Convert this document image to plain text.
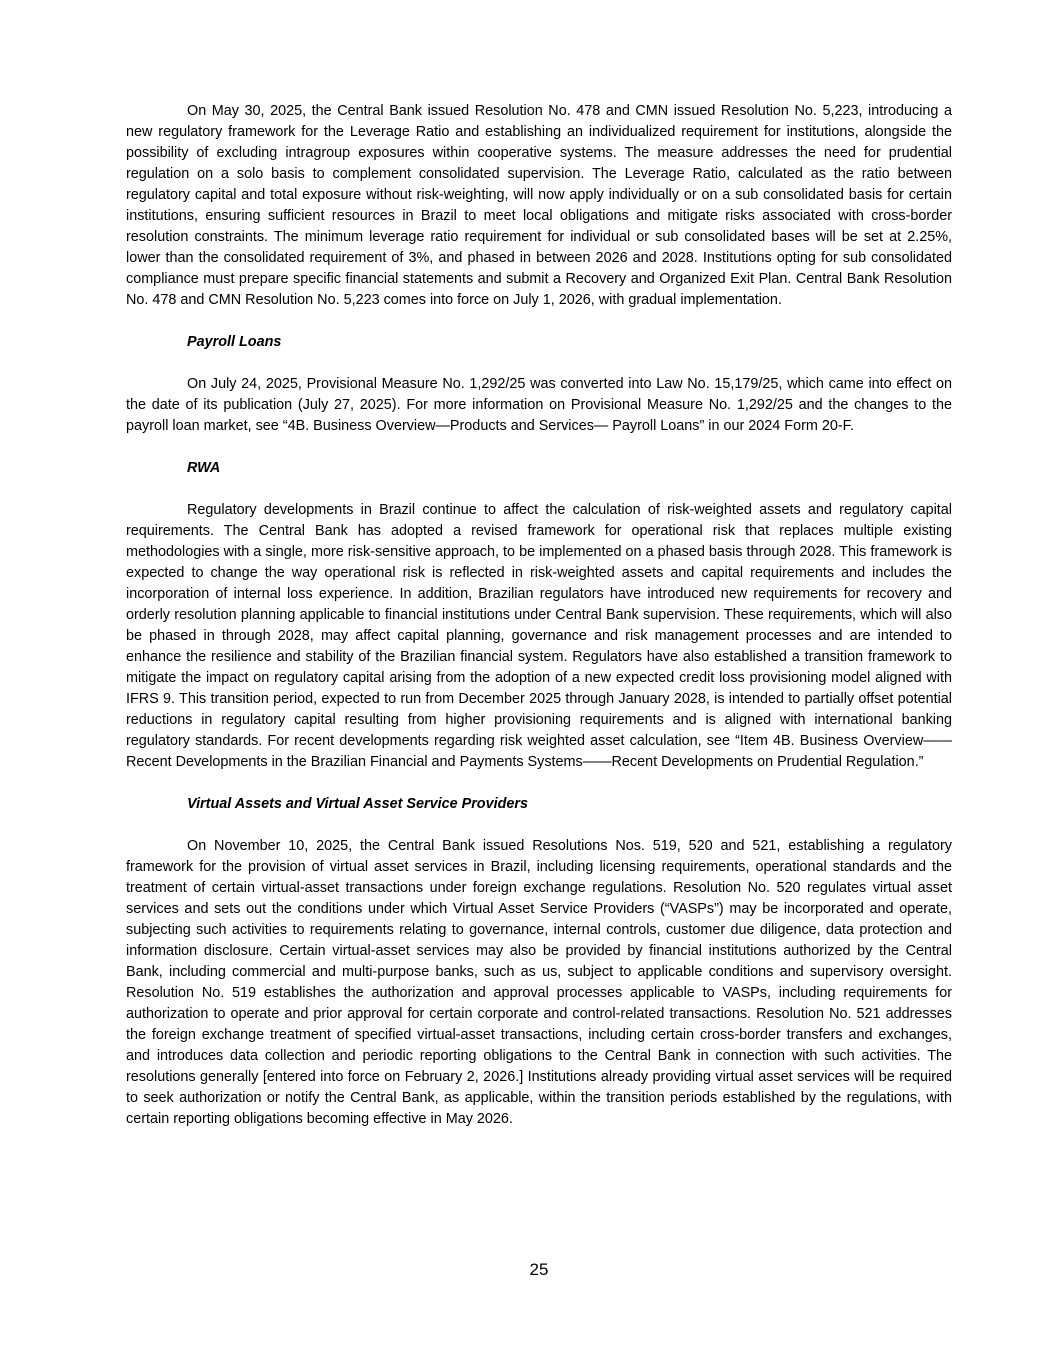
On May 30, 2025, the Central Bank issued Resolution No. 478 and CMN issued Resolution No. 5,223, introducing a new regulatory framework for the Leverage Ratio and establishing an individualized requirement for institutions, alongside the possibility of excluding intragroup exposures within cooperative systems. The measure addresses the need for prudential regulation on a solo basis to complement consolidated supervision. The Leverage Ratio, calculated as the ratio between regulatory capital and total exposure without risk-weighting, will now apply individually or on a sub consolidated basis for certain institutions, ensuring sufficient resources in Brazil to meet local obligations and mitigate risks associated with cross-border resolution constraints. The minimum leverage ratio requirement for individual or sub consolidated bases will be set at 2.25%, lower than the consolidated requirement of 3%, and phased in between 2026 and 2028. Institutions opting for sub consolidated compliance must prepare specific financial statements and submit a Recovery and Organized Exit Plan. Central Bank Resolution No. 478 and CMN Resolution No. 5,223 comes into force on July 1, 2026, with gradual implementation.

Payroll Loans

On July 24, 2025, Provisional Measure No. 1,292/25 was converted into Law No. 15,179/25, which came into effect on the date of its publication (July 27, 2025). For more information on Provisional Measure No. 1,292/25 and the changes to the payroll loan market, see “4B. Business Overview—Products and Services— Payroll Loans” in our 2024 Form 20-F.

RWA

Regulatory developments in Brazil continue to affect the calculation of risk-weighted assets and regulatory capital requirements. The Central Bank has adopted a revised framework for operational risk that replaces multiple existing methodologies with a single, more risk-sensitive approach, to be implemented on a phased basis through 2028. This framework is expected to change the way operational risk is reflected in risk-weighted assets and capital requirements and includes the incorporation of internal loss experience. In addition, Brazilian regulators have introduced new requirements for recovery and orderly resolution planning applicable to financial institutions under Central Bank supervision. These requirements, which will also be phased in through 2028, may affect capital planning, governance and risk management processes and are intended to enhance the resilience and stability of the Brazilian financial system. Regulators have also established a transition framework to mitigate the impact on regulatory capital arising from the adoption of a new expected credit loss provisioning model aligned with IFRS 9. This transition period, expected to run from December 2025 through January 2028, is intended to partially offset potential reductions in regulatory capital resulting from higher provisioning requirements and is aligned with international banking regulatory standards. For recent developments regarding risk weighted asset calculation, see “Item 4B. Business Overview——Recent Developments in the Brazilian Financial and Payments Systems——Recent Developments on Prudential Regulation.”

Virtual Assets and Virtual Asset Service Providers

On November 10, 2025, the Central Bank issued Resolutions Nos. 519, 520 and 521, establishing a regulatory framework for the provision of virtual asset services in Brazil, including licensing requirements, operational standards and the treatment of certain virtual-asset transactions under foreign exchange regulations. Resolution No. 520 regulates virtual asset services and sets out the conditions under which Virtual Asset Service Providers (“VASPs”) may be incorporated and operate, subjecting such activities to requirements relating to governance, internal controls, customer due diligence, data protection and information disclosure. Certain virtual-asset services may also be provided by financial institutions authorized by the Central Bank, including commercial and multi-purpose banks, such as us, subject to applicable conditions and supervisory oversight. Resolution No. 519 establishes the authorization and approval processes applicable to VASPs, including requirements for authorization to operate and prior approval for certain corporate and control-related transactions. Resolution No. 521 addresses the foreign exchange treatment of specified virtual-asset transactions, including certain cross-border transfers and exchanges, and introduces data collection and periodic reporting obligations to the Central Bank in connection with such activities. The resolutions generally [entered into force on February 2, 2026.] Institutions already providing virtual asset services will be required to seek authorization or notify the Central Bank, as applicable, within the transition periods established by the regulations, with certain reporting obligations becoming effective in May 2026.

25
